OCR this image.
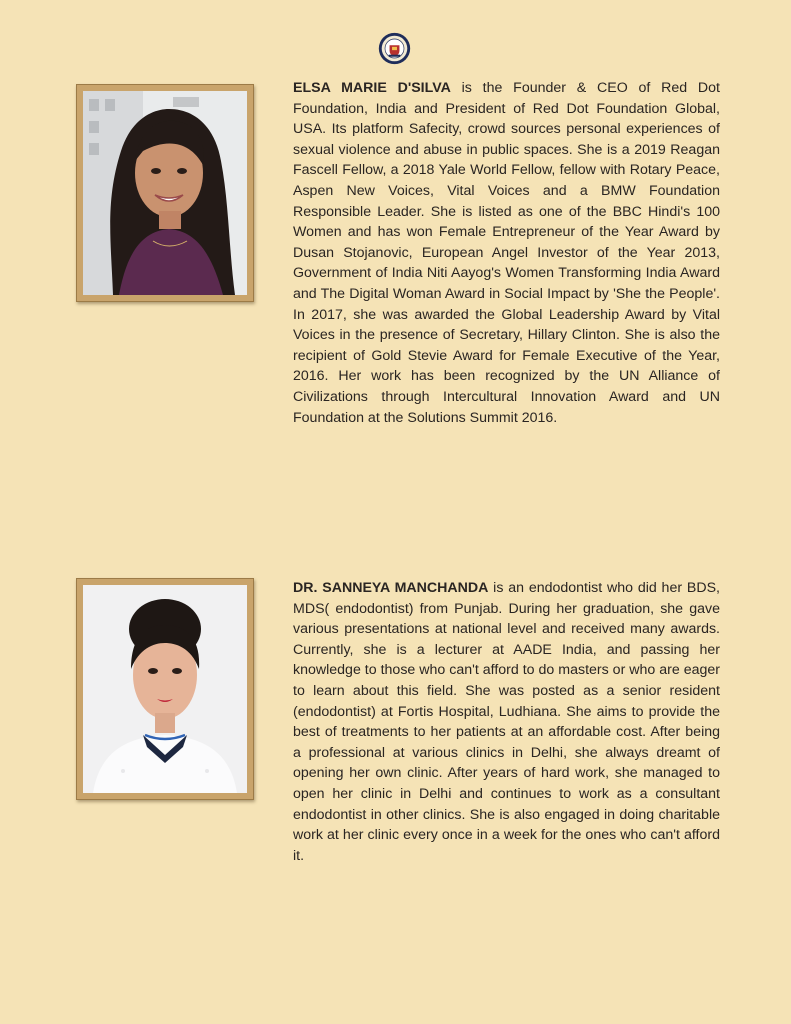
ELSA MARIE D'SILVA is the Founder & CEO of Red Dot Foundation, India and President of Red Dot Foundation Global, USA. Its platform Safecity, crowd sources personal experiences of sexual violence and abuse in public spaces. She is a 2019 Reagan Fascell Fellow, a 2018 Yale World Fellow, fellow with Rotary Peace, Aspen New Voices, Vital Voices and a BMW Foundation Responsible Leader. She is listed as one of the BBC Hindi's 100 Women and has won Female Entrepreneur of the Year Award by Dusan Stojanovic, European Angel Investor of the Year 2013, Government of India Niti Aayog's Women Transforming India Award and The Digital Woman Award in Social Impact by 'She the People'. In 2017, she was awarded the Global Leadership Award by Vital Voices in the presence of Secretary, Hillary Clinton. She is also the recipient of Gold Stevie Award for Female Executive of the Year, 2016. Her work has been recognized by the UN Alliance of Civilizations through Intercultural Innovation Award and UN Foundation at the Solutions Summit 2016.

DR. SANNEYA MANCHANDA is an endodontist who did her BDS, MDS( endodontist) from Punjab. During her graduation, she gave various presentations at national level and received many awards. Currently, she is a lecturer at AADE India, and passing her knowledge to those who can't afford to do masters or who are eager to learn about this field. She was posted as a senior resident (endodontist) at Fortis Hospital, Ludhiana. She aims to provide the best of treatments to her patients at an affordable cost. After being a professional at various clinics in Delhi, she always dreamt of opening her own clinic. After years of hard work, she managed to open her clinic in Delhi and continues to work as a consultant endodontist in other clinics. She is also engaged in doing charitable work at her clinic every once in a week for the ones who can't afford it.
